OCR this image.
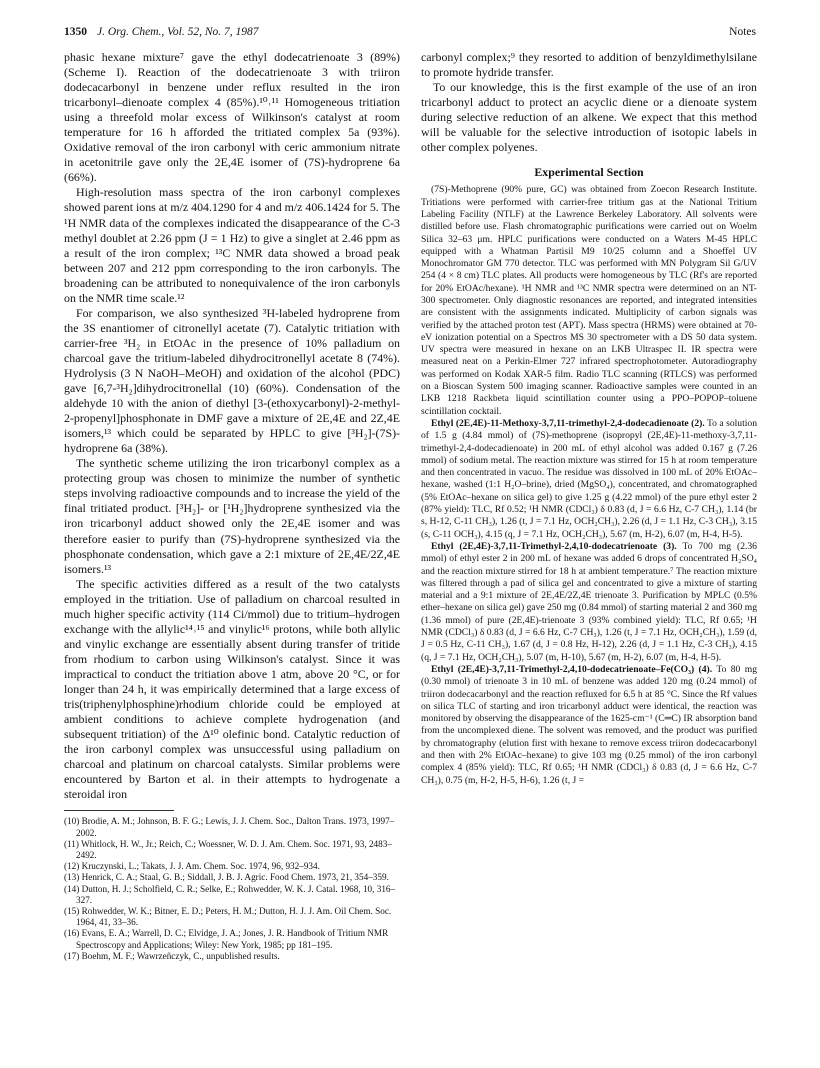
1350 J. Org. Chem., Vol. 52, No. 7, 1987	Notes

phasic hexane mixture⁷ gave the ethyl dodecatrienoate 3 (89%) (Scheme I). Reaction of the dodecatrienoate 3 with triiron dodecacarbonyl in benzene under reflux resulted in the iron tricarbonyl–dienoate complex 4 (85%).¹⁰˒¹¹ Homogeneous tritiation using a threefold molar excess of Wilkinson's catalyst at room temperature for 16 h afforded the tritiated complex 5a (93%). Oxidative removal of the iron carbonyl with ceric ammonium nitrate in acetonitrile gave only the 2E,4E isomer of (7S)-hydroprene 6a (66%).

High-resolution mass spectra of the iron carbonyl complexes showed parent ions at m/z 404.1290 for 4 and m/z 406.1424 for 5. The ¹H NMR data of the complexes indicated the disappearance of the C-3 methyl doublet at 2.26 ppm (J = 1 Hz) to give a singlet at 2.46 ppm as a result of the iron complex; ¹³C NMR data showed a broad peak between 207 and 212 ppm corresponding to the iron carbonyls. The broadening can be attributed to nonequivalence of the iron carbonyls on the NMR time scale.¹²

For comparison, we also synthesized ³H-labeled hydroprene from the 3S enantiomer of citronellyl acetate (7). Catalytic tritiation with carrier-free ³H₂ in EtOAc in the presence of 10% palladium on charcoal gave the tritium-labeled dihydrocitronellyl acetate 8 (74%). Hydrolysis (3 N NaOH–MeOH) and oxidation of the alcohol (PDC) gave [6,7-³H₂]dihydrocitronellal (10) (60%). Condensation of the aldehyde 10 with the anion of diethyl [3-(ethoxycarbonyl)-2-methyl-2-propenyl]phosphonate in DMF gave a mixture of 2E,4E and 2Z,4E isomers,¹³ which could be separated by HPLC to give [³H₂]-(7S)-hydroprene 6a (38%).

The synthetic scheme utilizing the iron tricarbonyl complex as a protecting group was chosen to minimize the number of synthetic steps involving radioactive compounds and to increase the yield of the final tritiated product. [³H₂]- or [¹H₂]hydroprene synthesized via the iron tricarbonyl adduct showed only the 2E,4E isomer and was therefore easier to purify than (7S)-hydroprene synthesized via the phosphonate condensation, which gave a 2:1 mixture of 2E,4E/2Z,4E isomers.¹³

The specific activities differed as a result of the two catalysts employed in the tritiation. Use of palladium on charcoal resulted in much higher specific activity (114 Ci/mmol) due to tritium–hydrogen exchange with the allylic¹⁴˒¹⁵ and vinylic¹⁶ protons, while both allylic and vinylic exchange are essentially absent during transfer of tritide from rhodium to carbon using Wilkinson's catalyst. Since it was impractical to conduct the tritiation above 1 atm, above 20 °C, or for longer than 24 h, it was empirically determined that a large excess of tris(triphenylphosphine)rhodium chloride could be employed at ambient conditions to achieve complete hydrogenation (and subsequent tritiation) of the Δ¹⁰ olefinic bond. Catalytic reduction of the iron carbonyl complex was unsuccessful using palladium on charcoal and platinum on charcoal catalysts. Similar problems were encountered by Barton et al. in their attempts to hydrogenate a steroidal iron

(10) Brodie, A. M.; Johnson, B. F. G.; Lewis, J. J. Chem. Soc., Dalton Trans. 1973, 1997–2002.

(11) Whitlock, H. W., Jr.; Reich, C.; Woessner, W. D. J. Am. Chem. Soc. 1971, 93, 2483–2492.

(12) Kruczynski, L.; Takats, J. J. Am. Chem. Soc. 1974, 96, 932–934.

(13) Henrick, C. A.; Staal, G. B.; Siddall, J. B. J. Agric. Food Chem. 1973, 21, 354–359.

(14) Dutton, H. J.; Scholfield, C. R.; Selke, E.; Rohwedder, W. K. J. Catal. 1968, 10, 316–327.

(15) Rohwedder, W. K.; Bitner, E. D.; Peters, H. M.; Dutton, H. J. J. Am. Oil Chem. Soc. 1964, 41, 33–36.

(16) Evans, E. A.; Warrell, D. C.; Elvidge, J. A.; Jones, J. R. Handbook of Tritium NMR Spectroscopy and Applications; Wiley: New York, 1985; pp 181–195.

(17) Boehm, M. F.; Wawrzeñczyk, C., unpublished results.

carbonyl complex;⁹ they resorted to addition of benzyldimethylsilane to promote hydride transfer.

To our knowledge, this is the first example of the use of an iron tricarbonyl adduct to protect an acyclic diene or a dienoate system during selective reduction of an alkene. We expect that this method will be valuable for the selective introduction of isotopic labels in other complex polyenes.

Experimental Section

(7S)-Methoprene (90% pure, GC) was obtained from Zoecon Research Institute. Tritiations were performed with carrier-free tritium gas at the National Tritium Labeling Facility (NTLF) at the Lawrence Berkeley Laboratory. All solvents were distilled before use. Flash chromatographic purifications were carried out on Woelm Silica 32–63 μm. HPLC purifications were conducted on a Waters M-45 HPLC equipped with a Whatman Partisil M9 10/25 column and a Shoeffel UV Monochromator GM 770 detector. TLC was performed with MN Polygram Sil G/UV 254 (4 × 8 cm) TLC plates. All products were homogeneous by TLC (Rf's are reported for 20% EtOAc/hexane). ¹H NMR and ¹³C NMR spectra were determined on an NT-300 spectrometer. Only diagnostic resonances are reported, and integrated intensities are consistent with the assignments indicated. Multiplicity of carbon signals was verified by the attached proton test (APT). Mass spectra (HRMS) were obtained at 70-eV ionization potential on a Spectros MS 30 spectrometer with a DS 50 data system. UV spectra were measured in hexane on an LKB Ultraspec II. IR spectra were measured neat on a Perkin-Elmer 727 infrared spectrophotometer. Autoradiography was performed on Kodak XAR-5 film. Radio TLC scanning (RTLCS) was performed on a Bioscan System 500 imaging scanner. Radioactive samples were counted in an LKB 1218 Rackbeta liquid scintillation counter using a PPO–POPOP–toluene scintillation cocktail.

Ethyl (2E,4E)-11-Methoxy-3,7,11-trimethyl-2,4-dodecadienoate (2). To a solution of 1.5 g (4.84 mmol) of (7S)-methoprene (isopropyl (2E,4E)-11-methoxy-3,7,11-trimethyl-2,4-dodecadienoate) in 200 mL of ethyl alcohol was added 0.167 g (7.26 mmol) of sodium metal. The reaction mixture was stirred for 15 h at room temperature and then concentrated in vacuo. The residue was dissolved in 100 mL of 20% EtOAc–hexane, washed (1:1 H₂O–brine), dried (MgSO₄), concentrated, and chromatographed (5% EtOAc–hexane on silica gel) to give 1.25 g (4.22 mmol) of the pure ethyl ester 2 (87% yield): TLC, Rf 0.52; ¹H NMR (CDCl₃) δ 0.83 (d, J = 6.6 Hz, C-7 CH₃), 1.14 (br s, H-12, C-11 CH₃), 1.26 (t, J = 7.1 Hz, OCH₂CH₃), 2.26 (d, J = 1.1 Hz, C-3 CH₃), 3.15 (s, C-11 OCH₃), 4.15 (q, J = 7.1 Hz, OCH₂CH₃), 5.67 (m, H-2), 6.07 (m, H-4, H-5).

Ethyl (2E,4E)-3,7,11-Trimethyl-2,4,10-dodecatrienoate (3). To 700 mg (2.36 mmol) of ethyl ester 2 in 200 mL of hexane was added 6 drops of concentrated H₂SO₄ and the reaction mixture stirred for 18 h at ambient temperature.⁷ The reaction mixture was filtered through a pad of silica gel and concentrated to give a mixture of starting material and a 9:1 mixture of 2E,4E/2Z,4E trienoate 3. Purification by MPLC (0.5% ether–hexane on silica gel) gave 250 mg (0.84 mmol) of starting material 2 and 360 mg (1.36 mmol) of pure (2E,4E)-trienoate 3 (93% combined yield): TLC, Rf 0.65; ¹H NMR (CDCl₃) δ 0.83 (d, J = 6.6 Hz, C-7 CH₃), 1.26 (t, J = 7.1 Hz, OCH₂CH₃), 1.59 (d, J = 0.5 Hz, C-11 CH₃), 1.67 (d, J = 0.8 Hz, H-12), 2.26 (d, J = 1.1 Hz, C-3 CH₃), 4.15 (q, J = 7.1 Hz, OCH₂CH₃), 5.07 (m, H-10), 5.67 (m, H-2), 6.07 (m, H-4, H-5).

Ethyl (2E,4E)-3,7,11-Trimethyl-2,4,10-dodecatrienoate–Fe(CO₃) (4). To 80 mg (0.30 mmol) of trienoate 3 in 10 mL of benzene was added 120 mg (0.24 mmol) of triiron dodecacarbonyl and the reaction refluxed for 6.5 h at 85 °C. Since the Rf values on silica TLC of starting and iron tricarbonyl adduct were identical, the reaction was monitored by observing the disappearance of the 1625-cm⁻¹ (C═C) IR absorption band from the uncomplexed diene. The solvent was removed, and the product was purified by chromatography (elution first with hexane to remove excess triiron dodecacarbonyl and then with 2% EtOAc–hexane) to give 103 mg (0.25 mmol) of the iron carbonyl complex 4 (85% yield): TLC, Rf 0.65; ¹H NMR (CDCl₃) δ 0.83 (d, J = 6.6 Hz, C-7 CH₃), 0.75 (m, H-2, H-5, H-6), 1.26 (t, J =
